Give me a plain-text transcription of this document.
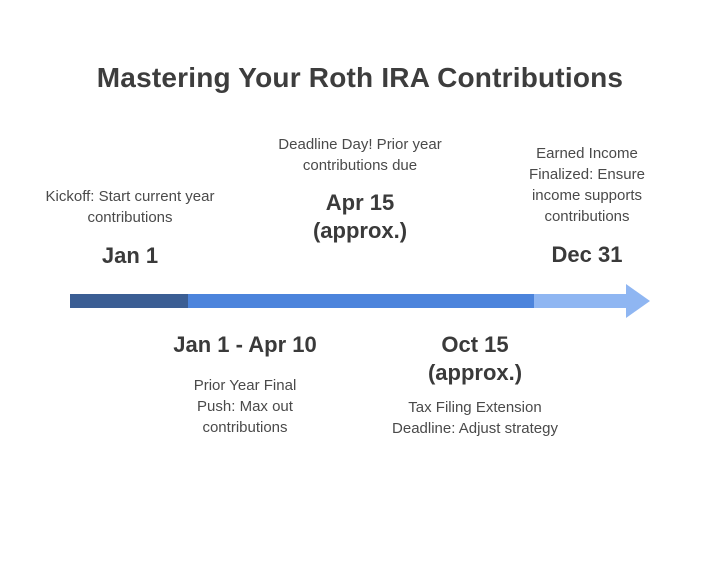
Mastering Your Roth IRA Contributions
Kickoff: Start current year contributions
Jan 1
Deadline Day! Prior year contributions due
Apr 15 (approx.)
Earned Income Finalized: Ensure income supports contributions
Dec 31
Jan 1 - Apr 10
Prior Year Final Push: Max out contributions
Oct 15 (approx.)
Tax Filing Extension Deadline: Adjust strategy
